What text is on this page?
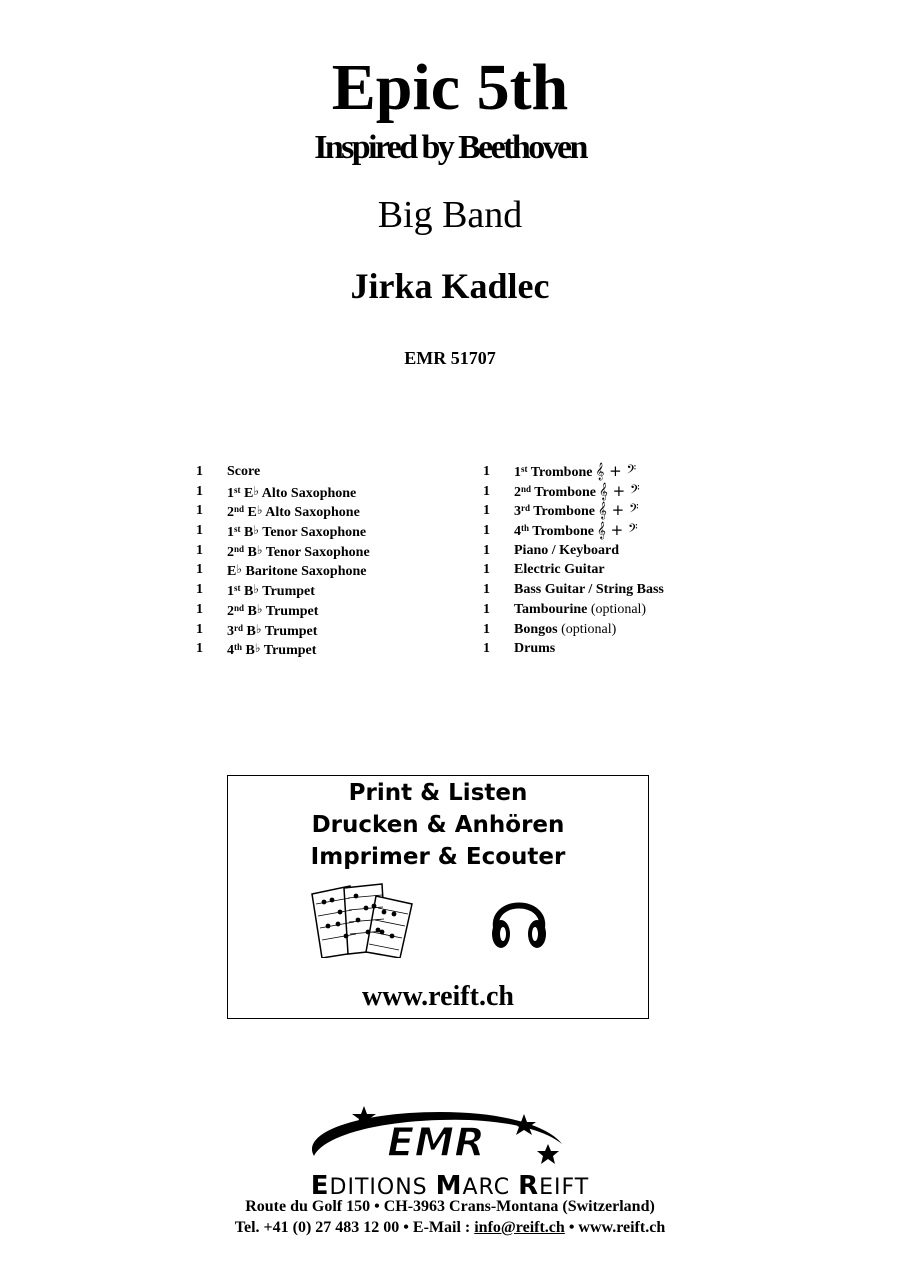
Epic 5th
Inspired by Beethoven
Big Band
Jirka Kadlec
EMR 51707
1 Score
1 1st E♭ Alto Saxophone
1 2nd E♭ Alto Saxophone
1 1st B♭ Tenor Saxophone
1 2nd B♭ Tenor Saxophone
1 E♭ Baritone Saxophone
1 1st B♭ Trumpet
1 2nd B♭ Trumpet
1 3rd B♭ Trumpet
1 4th B♭ Trumpet
1 1st Trombone 𝄞 + 𝄢
1 2nd Trombone 𝄞 + 𝄢
1 3rd Trombone 𝄞 + 𝄢
1 4th Trombone 𝄞 + 𝄢
1 Piano / Keyboard
1 Electric Guitar
1 Bass Guitar / String Bass
1 Tambourine (optional)
1 Bongos (optional)
1 Drums
Print & Listen
Drucken & Anhören
Imprimer & Ecouter
www.reift.ch
EMR
EDITIONS MARC REIFT
Route du Golf 150 • CH-3963 Crans-Montana (Switzerland)
Tel. +41 (0) 27 483 12 00 • E-Mail : info@reift.ch • www.reift.ch
